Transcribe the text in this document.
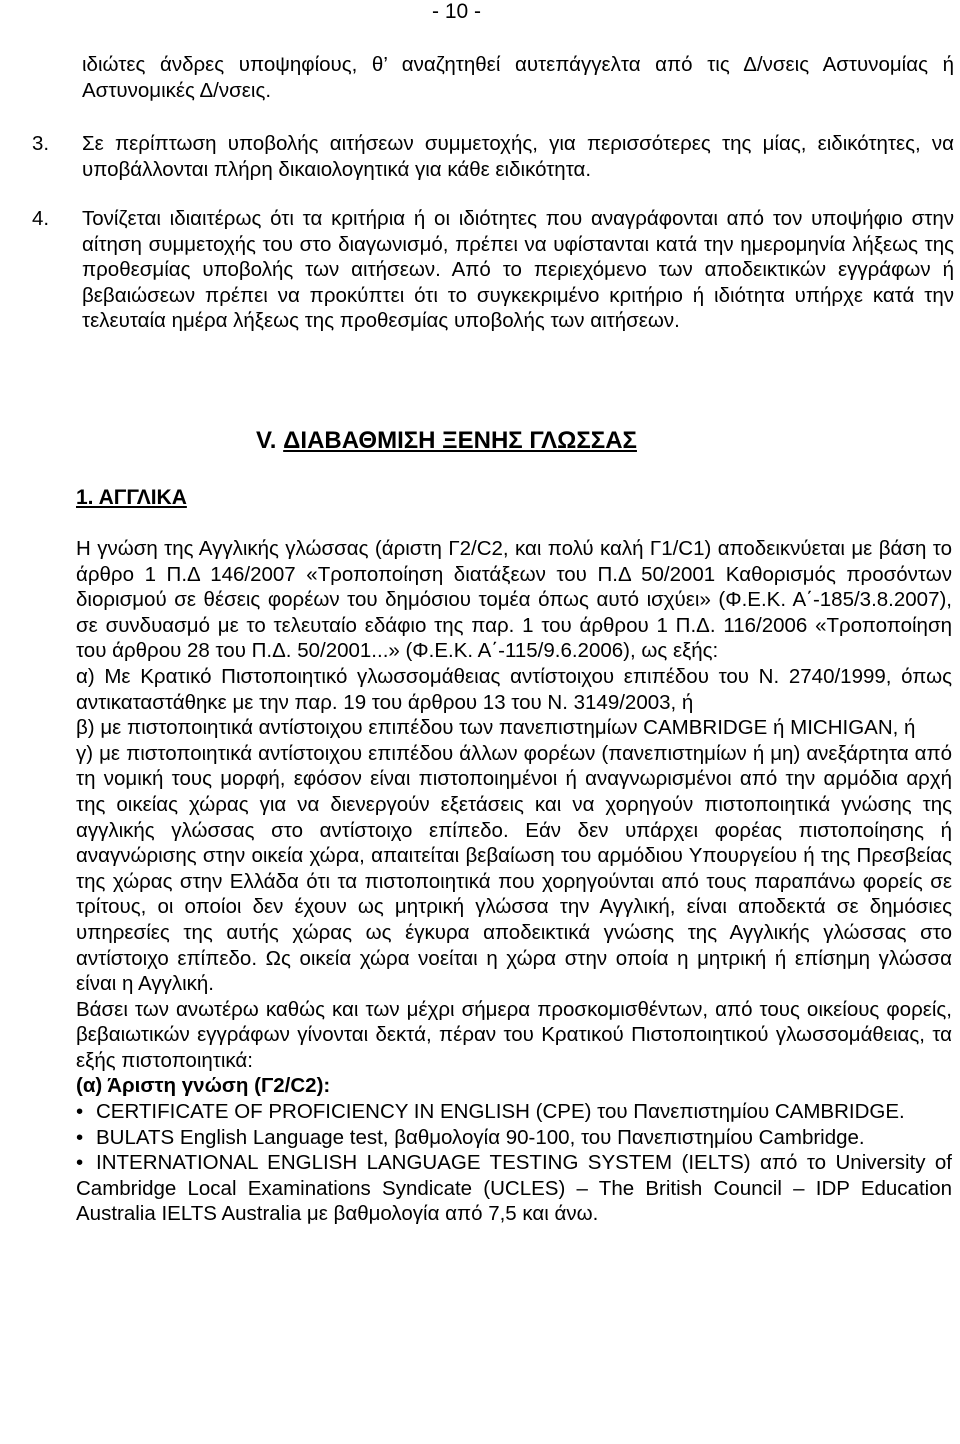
- 10 -
ιδιώτες άνδρες υποψηφίους, θ’ αναζητηθεί αυτεπάγγελτα από τις Δ/νσεις Αστυνομίας ή Αστυνομικές Δ/νσεις.
3. Σε περίπτωση υποβολής αιτήσεων συμμετοχής, για περισσότερες της μίας, ειδικότητες, να υποβάλλονται πλήρη δικαιολογητικά για κάθε ειδικότητα.
4. Τονίζεται ιδιαιτέρως ότι τα κριτήρια ή οι ιδιότητες που αναγράφονται από τον υποψήφιο στην αίτηση συμμετοχής του στο διαγωνισμό, πρέπει να υφίστανται κατά την ημερομηνία λήξεως της προθεσμίας υποβολής των αιτήσεων. Από το περιεχόμενο των αποδεικτικών εγγράφων ή βεβαιώσεων πρέπει να προκύπτει ότι το συγκεκριμένο κριτήριο ή ιδιότητα υπήρχε κατά την τελευταία ημέρα λήξεως της προθεσμίας υποβολής των αιτήσεων.
V. ΔΙΑΒΑΘΜΙΣΗ ΞΕΝΗΣ ΓΛΩΣΣΑΣ
1. ΑΓΓΛΙΚΑ

Η γνώση της Αγγλικής γλώσσας (άριστη Γ2/C2, και πολύ καλή Γ1/C1) αποδεικνύεται με βάση το άρθρο 1 Π.Δ 146/2007 «Τροποποίηση διατάξεων του Π.Δ 50/2001 Καθορισμός προσόντων διορισμού σε θέσεις φορέων του δημόσιου τομέα όπως αυτό ισχύει» (Φ.Ε.Κ. Α΄-185/3.8.2007), σε συνδυασμό με το τελευταίο εδάφιο της παρ. 1 του άρθρου 1 Π.Δ. 116/2006 «Τροποποίηση του άρθρου 28 του Π.Δ. 50/2001...» (Φ.Ε.Κ. Α΄-115/9.6.2006), ως εξής:

α) Με Κρατικό Πιστοποιητικό γλωσσομάθειας αντίστοιχου επιπέδου του Ν. 2740/1999, όπως αντικαταστάθηκε με την παρ. 19 του άρθρου 13 του Ν. 3149/2003, ή

β) με πιστοποιητικά αντίστοιχου επιπέδου των πανεπιστημίων CAMBRIDGE ή MICHIGAN, ή

γ) με πιστοποιητικά αντίστοιχου επιπέδου άλλων φορέων (πανεπιστημίων ή μη) ανεξάρτητα από τη νομική τους μορφή, εφόσον είναι πιστοποιημένοι ή αναγνωρισμένοι από την αρμόδια αρχή της οικείας χώρας για να διενεργούν εξετάσεις και να χορηγούν πιστοποιητικά γνώσης της αγγλικής γλώσσας στο αντίστοιχο επίπεδο. Εάν δεν υπάρχει φορέας πιστοποίησης ή αναγνώρισης στην οικεία χώρα, απαιτείται βεβαίωση του αρμόδιου Υπουργείου ή της Πρεσβείας της χώρας στην Ελλάδα ότι τα πιστοποιητικά που χορηγούνται από τους παραπάνω φορείς σε τρίτους, οι οποίοι δεν έχουν ως μητρική γλώσσα την Αγγλική, είναι αποδεκτά σε δημόσιες υπηρεσίες της αυτής χώρας ως έγκυρα αποδεικτικά γνώσης της Αγγλικής γλώσσας στο αντίστοιχο επίπεδο. Ως οικεία χώρα νοείται η χώρα στην οποία η μητρική ή επίσημη γλώσσα είναι η Αγγλική.

Βάσει των ανωτέρω καθώς και των μέχρι σήμερα προσκομισθέντων, από τους οικείους φορείς, βεβαιωτικών εγγράφων γίνονται δεκτά, πέραν του Κρατικού Πιστοποιητικού γλωσσομάθειας, τα εξής πιστοποιητικά:

(α) Άριστη γνώση (Γ2/C2):

• CERTIFICATE OF PROFICIENCY IN ENGLISH (CPE) του Πανεπιστημίου CAMBRIDGE.
• BULATS English Language test, βαθμολογία 90-100, του Πανεπιστημίου Cambridge.
• INTERNATIONAL ENGLISH LANGUAGE TESTING SYSTEM (IELTS) από το University of Cambridge Local Examinations Syndicate (UCLES) – The British Council – IDP Education Australia IELTS Australia με βαθμολογία από 7,5 και άνω.
